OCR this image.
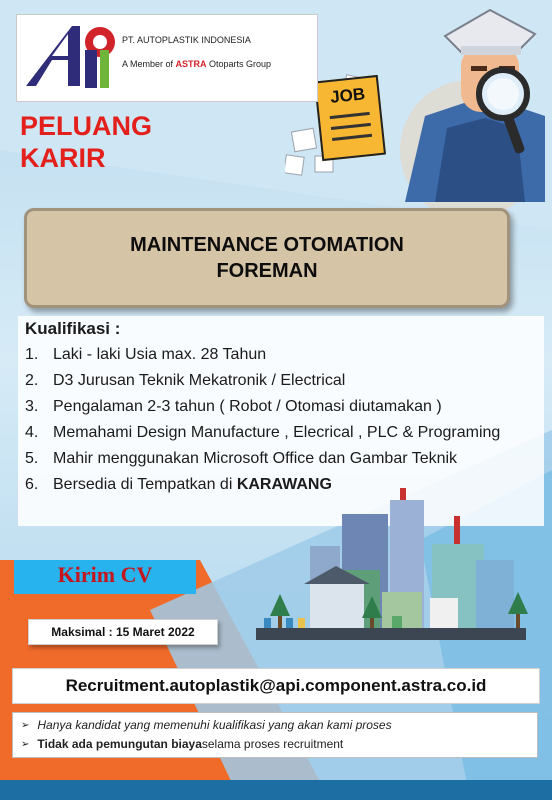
JOB
PT. AUTOPLASTIK INDONESIA
A Member of ASTRA Otoparts Group
PELUANG
KARIR
MAINTENANCE OTOMATION
FOREMAN
Kualifikasi :
1. Laki - laki Usia max. 28 Tahun
2. D3 Jurusan Teknik Mekatronik / Electrical
3. Pengalaman 2-3 tahun ( Robot / Otomasi diutamakan )
4. Memahami Design Manufacture , Elecrical , PLC & Programing
5. Mahir menggunakan Microsoft Office dan Gambar Teknik
6. Bersedia di Tempatkan di KARAWANG
Kirim CV
Maksimal : 15 Maret 2022
Recruitment.autoplastik@api.component.astra.co.id
➢ Hanya kandidat yang memenuhi kualifikasi yang akan kami proses
➢ Tidak ada pemungutan biaya selama proses recruitment
